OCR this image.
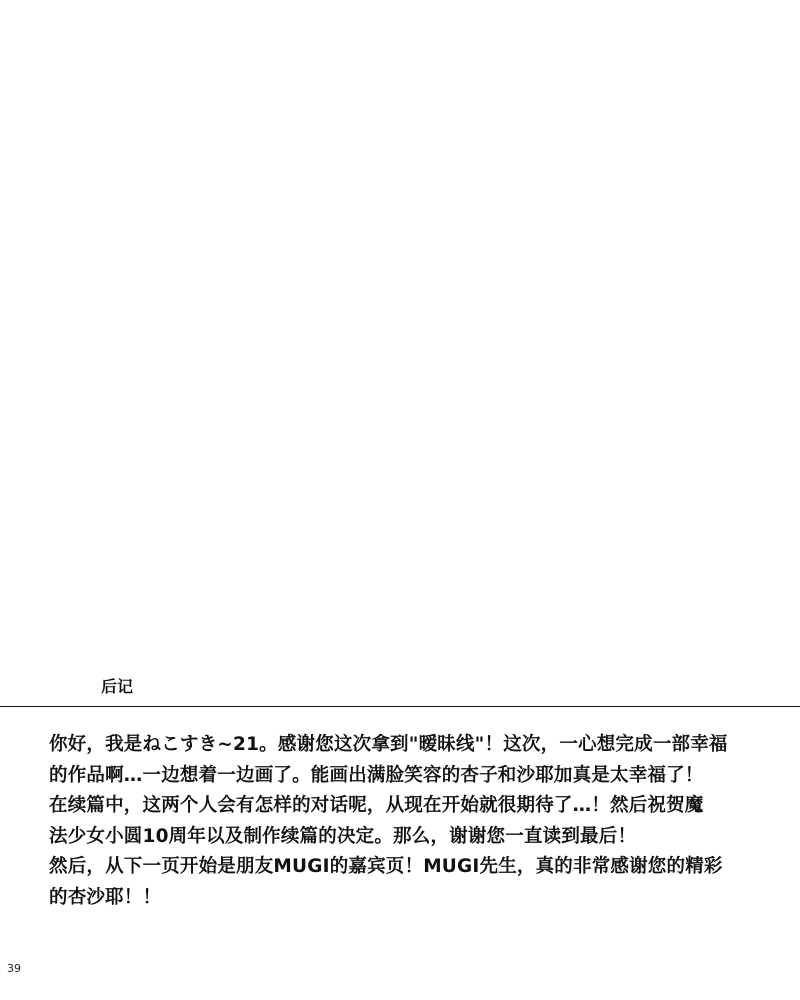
后记
你好，我是ねこすき~21。感谢您这次拿到"暧昧线"！这次，一心想完成一部幸福
的作品啊…一边想着一边画了。能画出满脸笑容的杏子和沙耶加真是太幸福了！
在续篇中，这两个人会有怎样的对话呢，从现在开始就很期待了…！然后祝贺魔
法少女小圆10周年以及制作续篇的决定。那么，谢谢您一直读到最后！
然后，从下一页开始是朋友MUGI的嘉宾页！MUGI先生，真的非常感谢您的精彩
的杏沙耶！！
39
